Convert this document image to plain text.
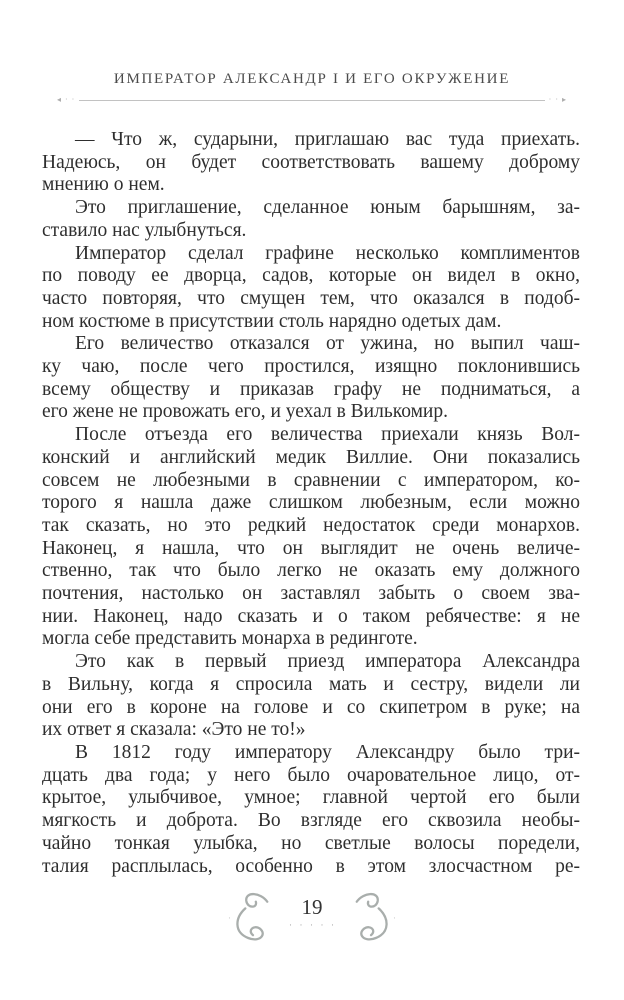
ИМПЕРАТОР АЛЕКСАНДР I И ЕГО ОКРУЖЕНИЕ
◂ · ·
· · ▸
— Что ж, сударыни, приглашаю вас туда приехать.
Надеюсь, он будет соответствовать вашему доброму
мнению о нем.
Это приглашение, сделанное юным барышням, за-
ставило нас улыбнуться.
Император сделал графине несколько комплиментов
по поводу ее дворца, садов, которые он видел в окно,
часто повторяя, что смущен тем, что оказался в подоб-
ном костюме в присутствии столь нарядно одетых дам.
Его величество отказался от ужина, но выпил чаш-
ку чаю, после чего простился, изящно поклонившись
всему обществу и приказав графу не подниматься, а
его жене не провожать его, и уехал в Вилькомир.
После отъезда его величества приехали князь Вол-
конский и английский медик Виллие. Они показались
совсем не любезными в сравнении с императором, ко-
торого я нашла даже слишком любезным, если можно
так сказать, но это редкий недостаток среди монархов.
Наконец, я нашла, что он выглядит не очень величе-
ственно, так что было легко не оказать ему должного
почтения, настолько он заставлял забыть о своем зва-
нии. Наконец, надо сказать и о таком ребячестве: я не
могла себе представить монарха в рединготе.
Это как в первый приезд императора Александра
в Вильну, когда я спросила мать и сестру, видели ли
они его в короне на голове и со скипетром в руке; на
их ответ я сказала: «Это не то!»
В 1812 году императору Александру было три-
дцать два года; у него было очаровательное лицо, от-
крытое, улыбчивое, умное; главной чертой его были
мягкость и доброта. Во взгляде его сквозила необы-
чайно тонкая улыбка, но светлые волосы поредели,
талия расплылась, особенно в этом злосчастном ре-
·	19
·  ·	·
